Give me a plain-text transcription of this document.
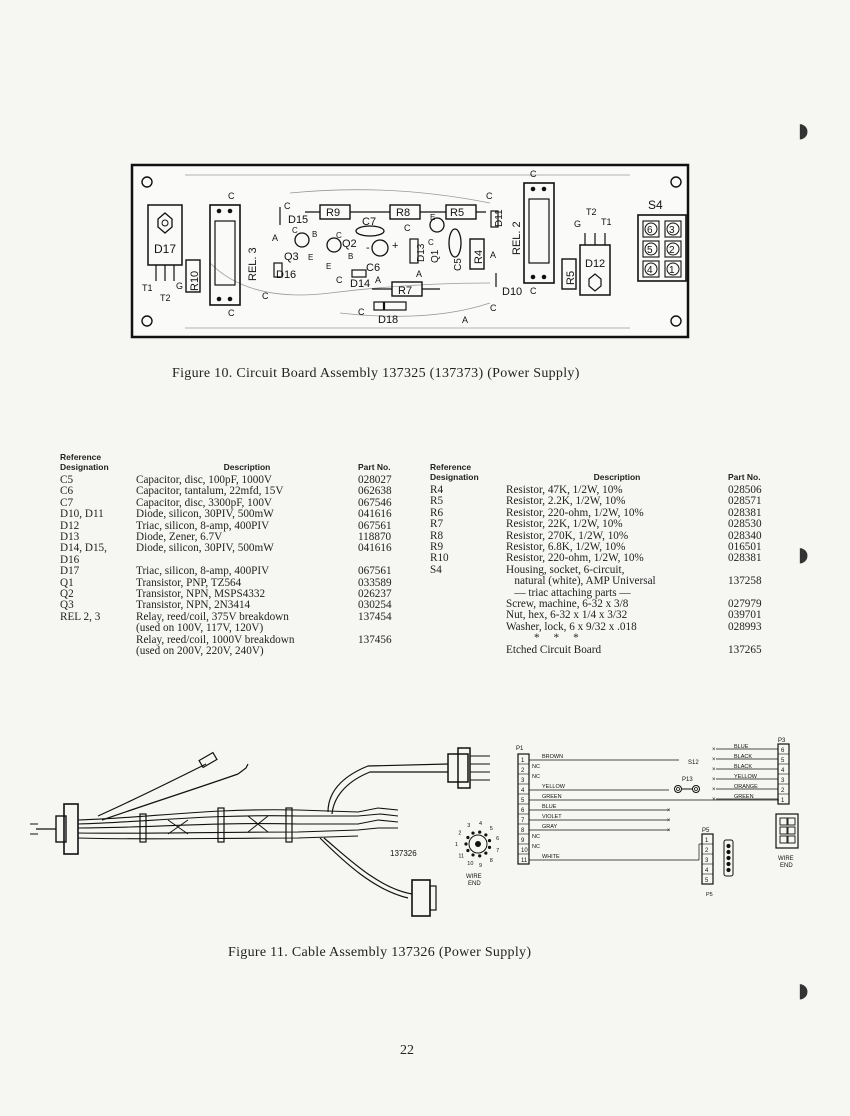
D17
T1
T2
G R10	REL. 3
C
C
C
D15
A
C B
Q3 E
D16
C
R9
C7
C
Q2
B
E
- +
C6
C D14 A
R8
C
D13
A
E
C
Q1
R7
C
D18	A
R5
C5
C
D11
R4 A
D10
C
C
REL. 2
C
R5
G
T2
T1
D12
S4
6 3
5 2
4 1
Figure 10. Circuit Board Assembly 137325 (137373) (Power Supply)
Reference
Designation	Description	Part No.
C5	Capacitor, disc, 100pF, 1000V	028027
C6	Capacitor, tantalum, 22mfd, 15V	062638
C7	Capacitor, disc, 3300pF, 100V	067546
D10, D11	Diode, silicon, 30PIV, 500mW	041616
D12	Triac, silicon, 8-amp, 400PIV	067561
D13	Diode, Zener, 6.7V	118870
D14, D15,	Diode, silicon, 30PIV, 500mW	041616
D16		
D17	Triac, silicon, 8-amp, 400PIV	067561
Q1	Transistor, PNP, TZ564	033589
Q2	Transistor, NPN, MSPS4332	026237
Q3	Transistor, NPN, 2N3414	030254
REL 2, 3	Relay, reed/coil, 375V breakdown	137454
	(used on 100V, 117V, 120V)	
	Relay, reed/coil, 1000V breakdown	137456
	(used on 200V, 220V, 240V)	
Reference
Designation	Description	Part No.
R4	Resistor, 47K, 1/2W, 10%	028506
R5	Resistor, 2.2K, 1/2W, 10%	028571
R6	Resistor, 220-ohm, 1/2W, 10%	028381
R7	Resistor, 22K, 1/2W, 10%	028530
R8	Resistor, 270K, 1/2W, 10%	028340
R9	Resistor, 6.8K, 1/2W, 10%	016501
R10	Resistor, 220-ohm, 1/2W, 10%	028381
S4	Housing, socket, 6-circuit,	
	natural (white), AMP Universal	137258
	— triac attaching parts —	
	Screw, machine, 6-32 x 3/8	027979
	Nut, hex, 6-32 x 1/4 x 3/32	039701
	Washer, lock, 6 x 9/32 x .018	028993
	*     *     *	
	Etched Circuit Board	137265
137326
P1
1
2
3
4
5
6
7
8
9
10
11
BROWN
NC
NC
YELLOW
GREEN
BLUE
×
VIOLET
×
GRAY
×
NC
NC
WHITE
S12
P13
P3
6
5
4
3
2
1
×	BLUE
×	BLACK
×	BLACK
×	YELLOW
×	ORANGE
×	GREEN
P5
1
2
3
4
5
P5
1
2
3 4
5
6
7
8
9
10
11
WIRE
END
WIRE
END
Figure 11. Cable Assembly 137326 (Power Supply)
22
◗
◗
◗
